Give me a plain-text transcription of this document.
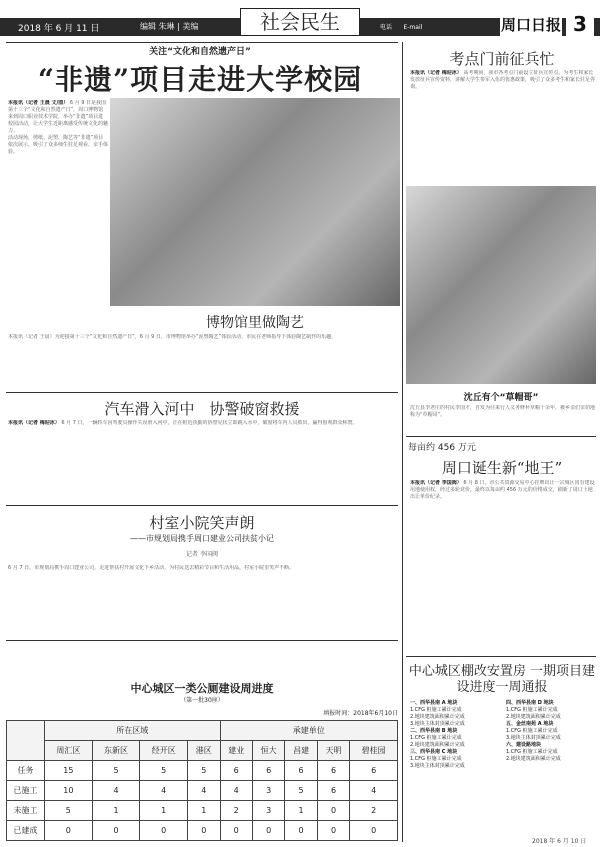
2018 年 6 月 11 日	编辑 朱琳 | 美编	社会民生	电话 E-mail	周口日报 3
关注“文化和自然遗产日”
“非遗”项目走进大学校园
本报讯（记者 王晨 文/图） 6 月 9 日是我国第十三个“文化和自然遗产日”，周口博物馆来到周口职业技术学院，举办“非遗”项目进校园活动，让大学生近距离感受传统文化的魅力。
活动现场，剪纸、泥塑、陶艺等“非遗”项目依次展示，吸引了众多师生驻足观看、亲手体验。
博物馆里做陶艺
本报讯（记者 王晨）为迎接第十三个“文化和自然遗产日”，6 月 9 日，市博物馆举办“泥塑陶艺”体验活动，市民在老师指导下体验陶艺制作的乐趣。
汽车滑入河中　协警破窗救援
本报讯（记者 梅迎冰） 6 月 7 日，一辆轿车因驾驶员操作失误滑入河中，正在附近执勤的协警见状立即跳入水中，破窗将车内人员救出，赢得围观群众称赞。
村室小院笑声朗
——市规划局携手周口建业公司扶贫小记
记者 李国阀
6 月 7 日，市规划局携手周口建业公司，走进帮扶村开展文化下乡活动，为村民送去精彩节目和生活用品，村室小院里笑声不断。
中心城区一类公厕建设周进度
（第一批30座）
填报时间：2018年6月10日
	所在区域				承建单位				
	周汇区	东新区	经开区	港区	建业	恒大	昌建	天明	碧桂园
任务	15	5	5	5	6	6	6	6	6
已施工	10	4	4	4	4	3	5	6	4
未施工	5	1	1	1	2	3	1	0	2
已建成	0	0	0	0	0	0	0	0	0
考点门前征兵忙
本报讯（记者 梅迎冰） 高考期间，我市各考点门前设立征兵宣传点，为考生和家长发放征兵宣传资料，讲解大学生参军入伍的优惠政策，吸引了众多考生和家长驻足咨询。
沈丘有个“草帽哥”
沈丘县李老庄的村民李国才，自发为往来行人义务修补草帽十余年，被乡亲们亲切地称为“草帽哥”。
每亩约 456 万元
周口诞生新“地王”
本报讯（记者 李国阀） 6 月 8 日，市公共资源交易中心挂牌出让一宗城区国有建设用地使用权，经过多轮竞价，最终以每亩约 456 万元的价格成交，刷新了周口土地出让单价纪录。
中心城区棚改安置房 一期项目建设进度一周通报
一、西华县南 A 地块
1.CFG 桩施工累计完成
2.地块建筑面积累计完成
3.地块主体封顶累计完成
二、西华县南 B 地块
1.CFG 桩施工累计完成
2.地块建筑面积累计完成
三、西华县南 C 地块
1.CFG 桩施工累计完成
3.地块主体封顶累计完成
四、西华县南 D 地块
1.CFG 桩施工累计完成
2.地块建筑面积累计完成
五、金丝南苑 A 地块
1.CFG 桩施工累计完成
3.地块主体封顶累计完成
六、建设路地块
1.CFG 桩施工累计完成
2.地块建筑面积累计完成
2018 年 6 月 10 日
